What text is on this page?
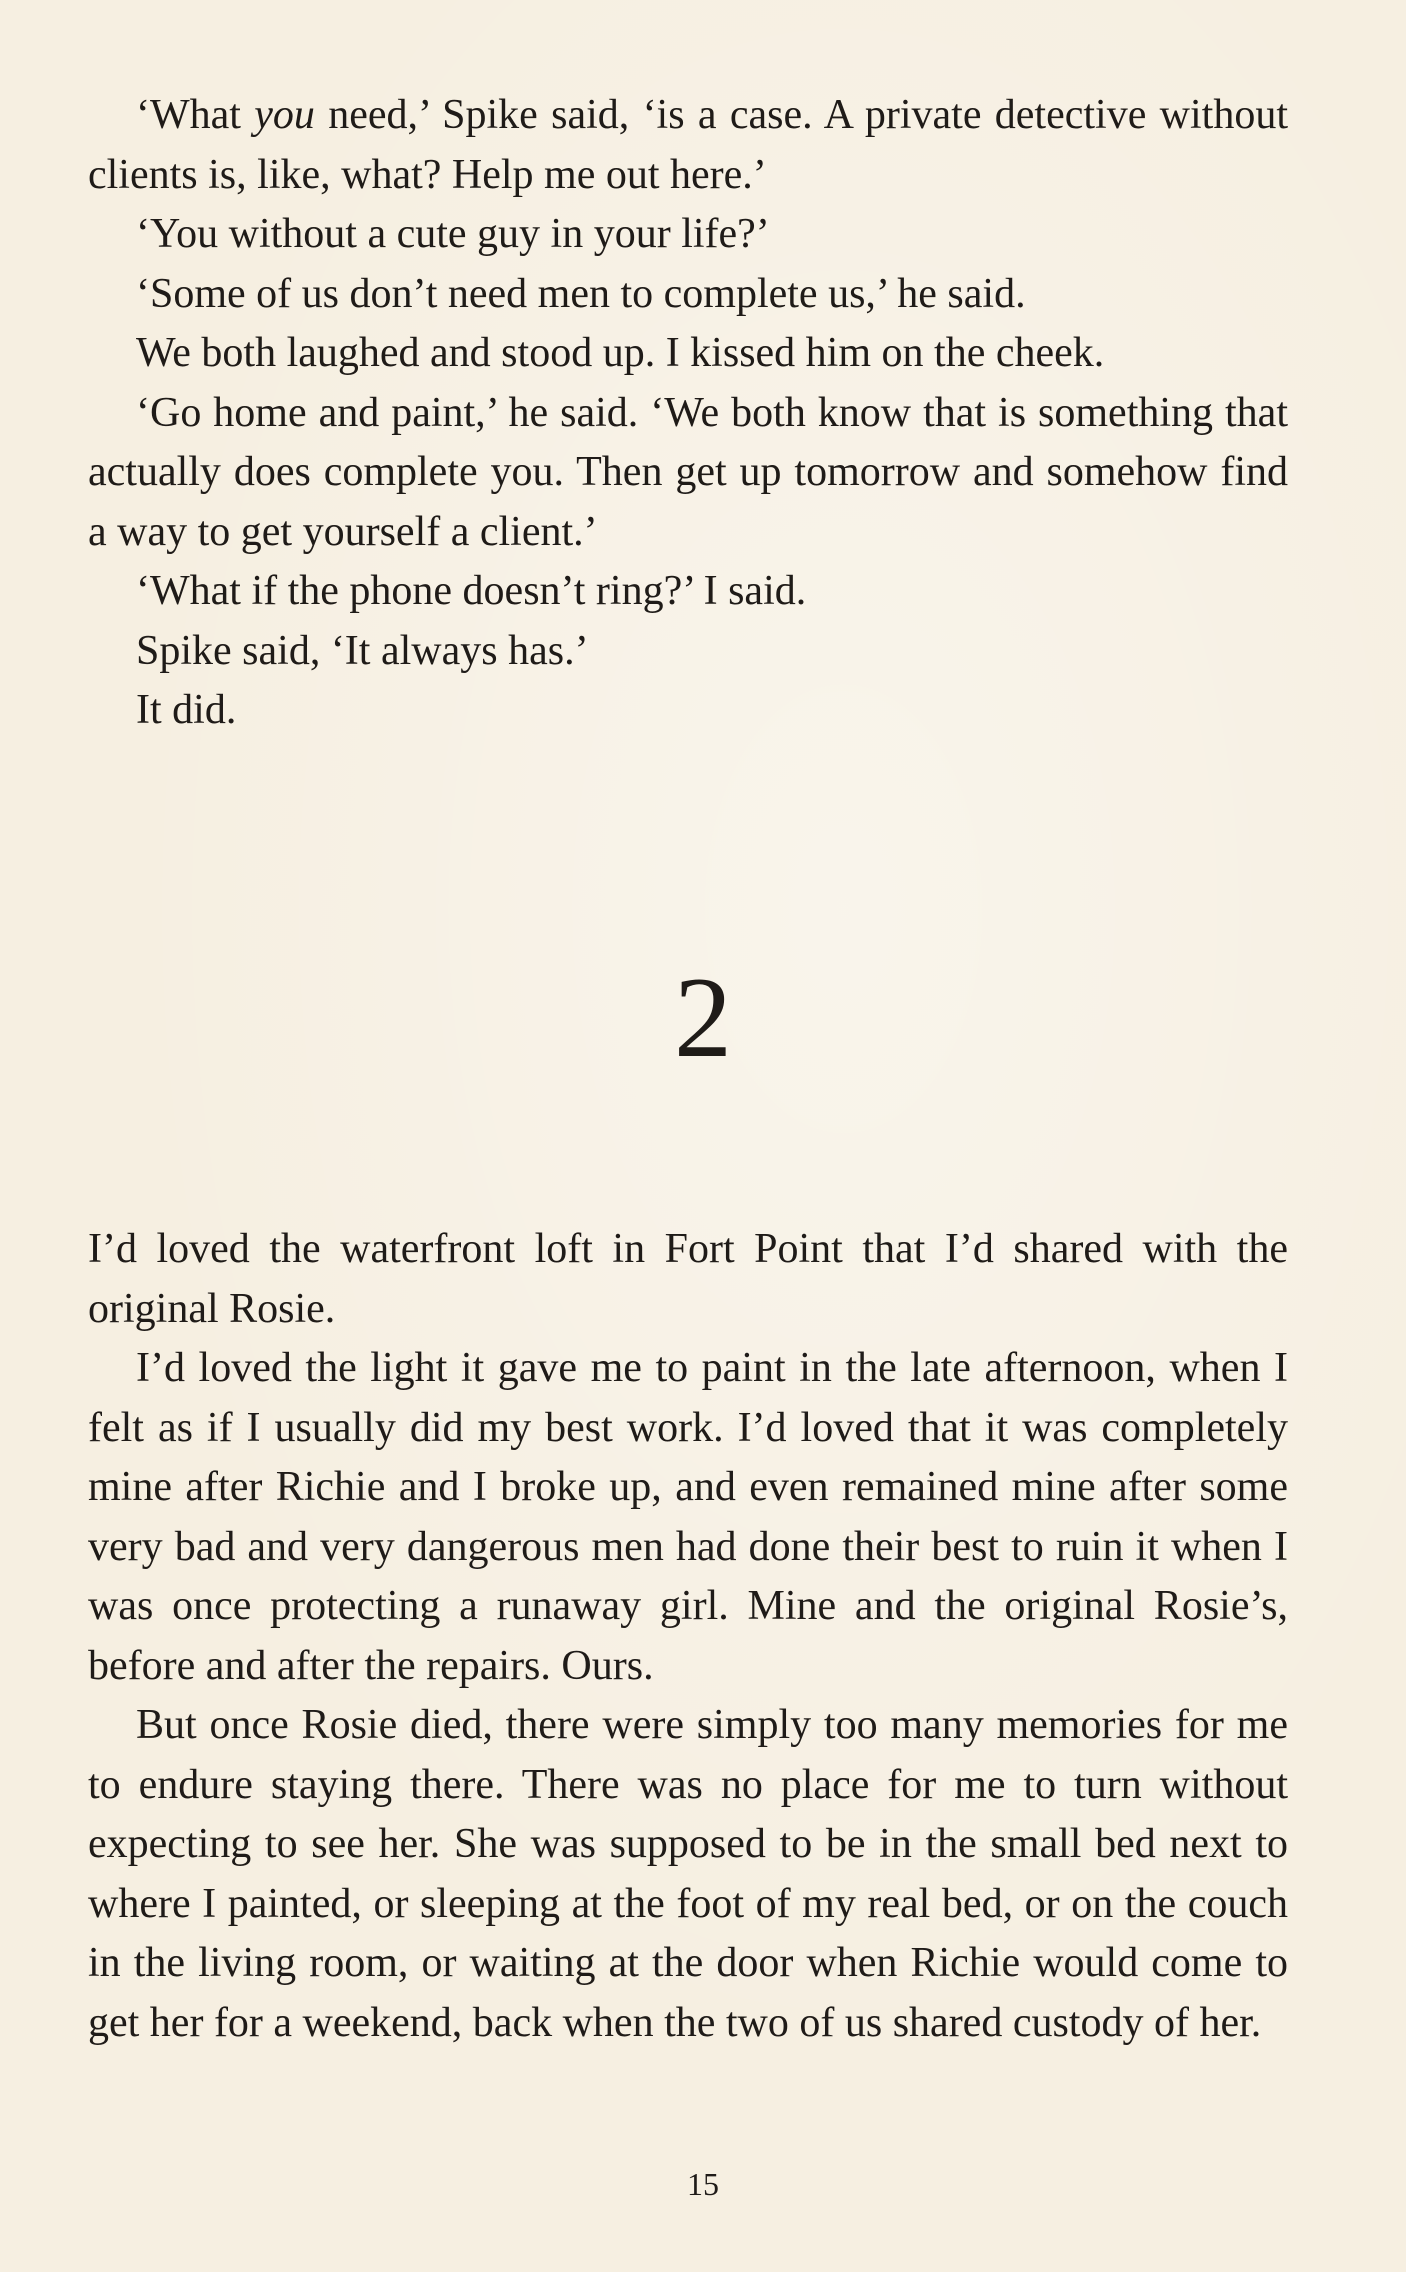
‘What you need,’ Spike said, ‘is a case. A private detective without clients is, like, what? Help me out here.’

‘You without a cute guy in your life?’

‘Some of us don’t need men to complete us,’ he said.

We both laughed and stood up. I kissed him on the cheek.

‘Go home and paint,’ he said. ‘We both know that is something that actually does complete you. Then get up tomorrow and somehow find a way to get yourself a client.’

‘What if the phone doesn’t ring?’ I said.

Spike said, ‘It always has.’

It did.

2

I’d loved the waterfront loft in Fort Point that I’d shared with the original Rosie.

I’d loved the light it gave me to paint in the late afternoon, when I felt as if I usually did my best work. I’d loved that it was completely mine after Richie and I broke up, and even remained mine after some very bad and very dangerous men had done their best to ruin it when I was once protecting a runaway girl. Mine and the original Rosie’s, before and after the repairs. Ours.

But once Rosie died, there were simply too many memories for me to endure staying there. There was no place for me to turn without expecting to see her. She was supposed to be in the small bed next to where I painted, or sleeping at the foot of my real bed, or on the couch in the living room, or waiting at the door when Richie would come to get her for a weekend, back when the two of us shared custody of her.

15
